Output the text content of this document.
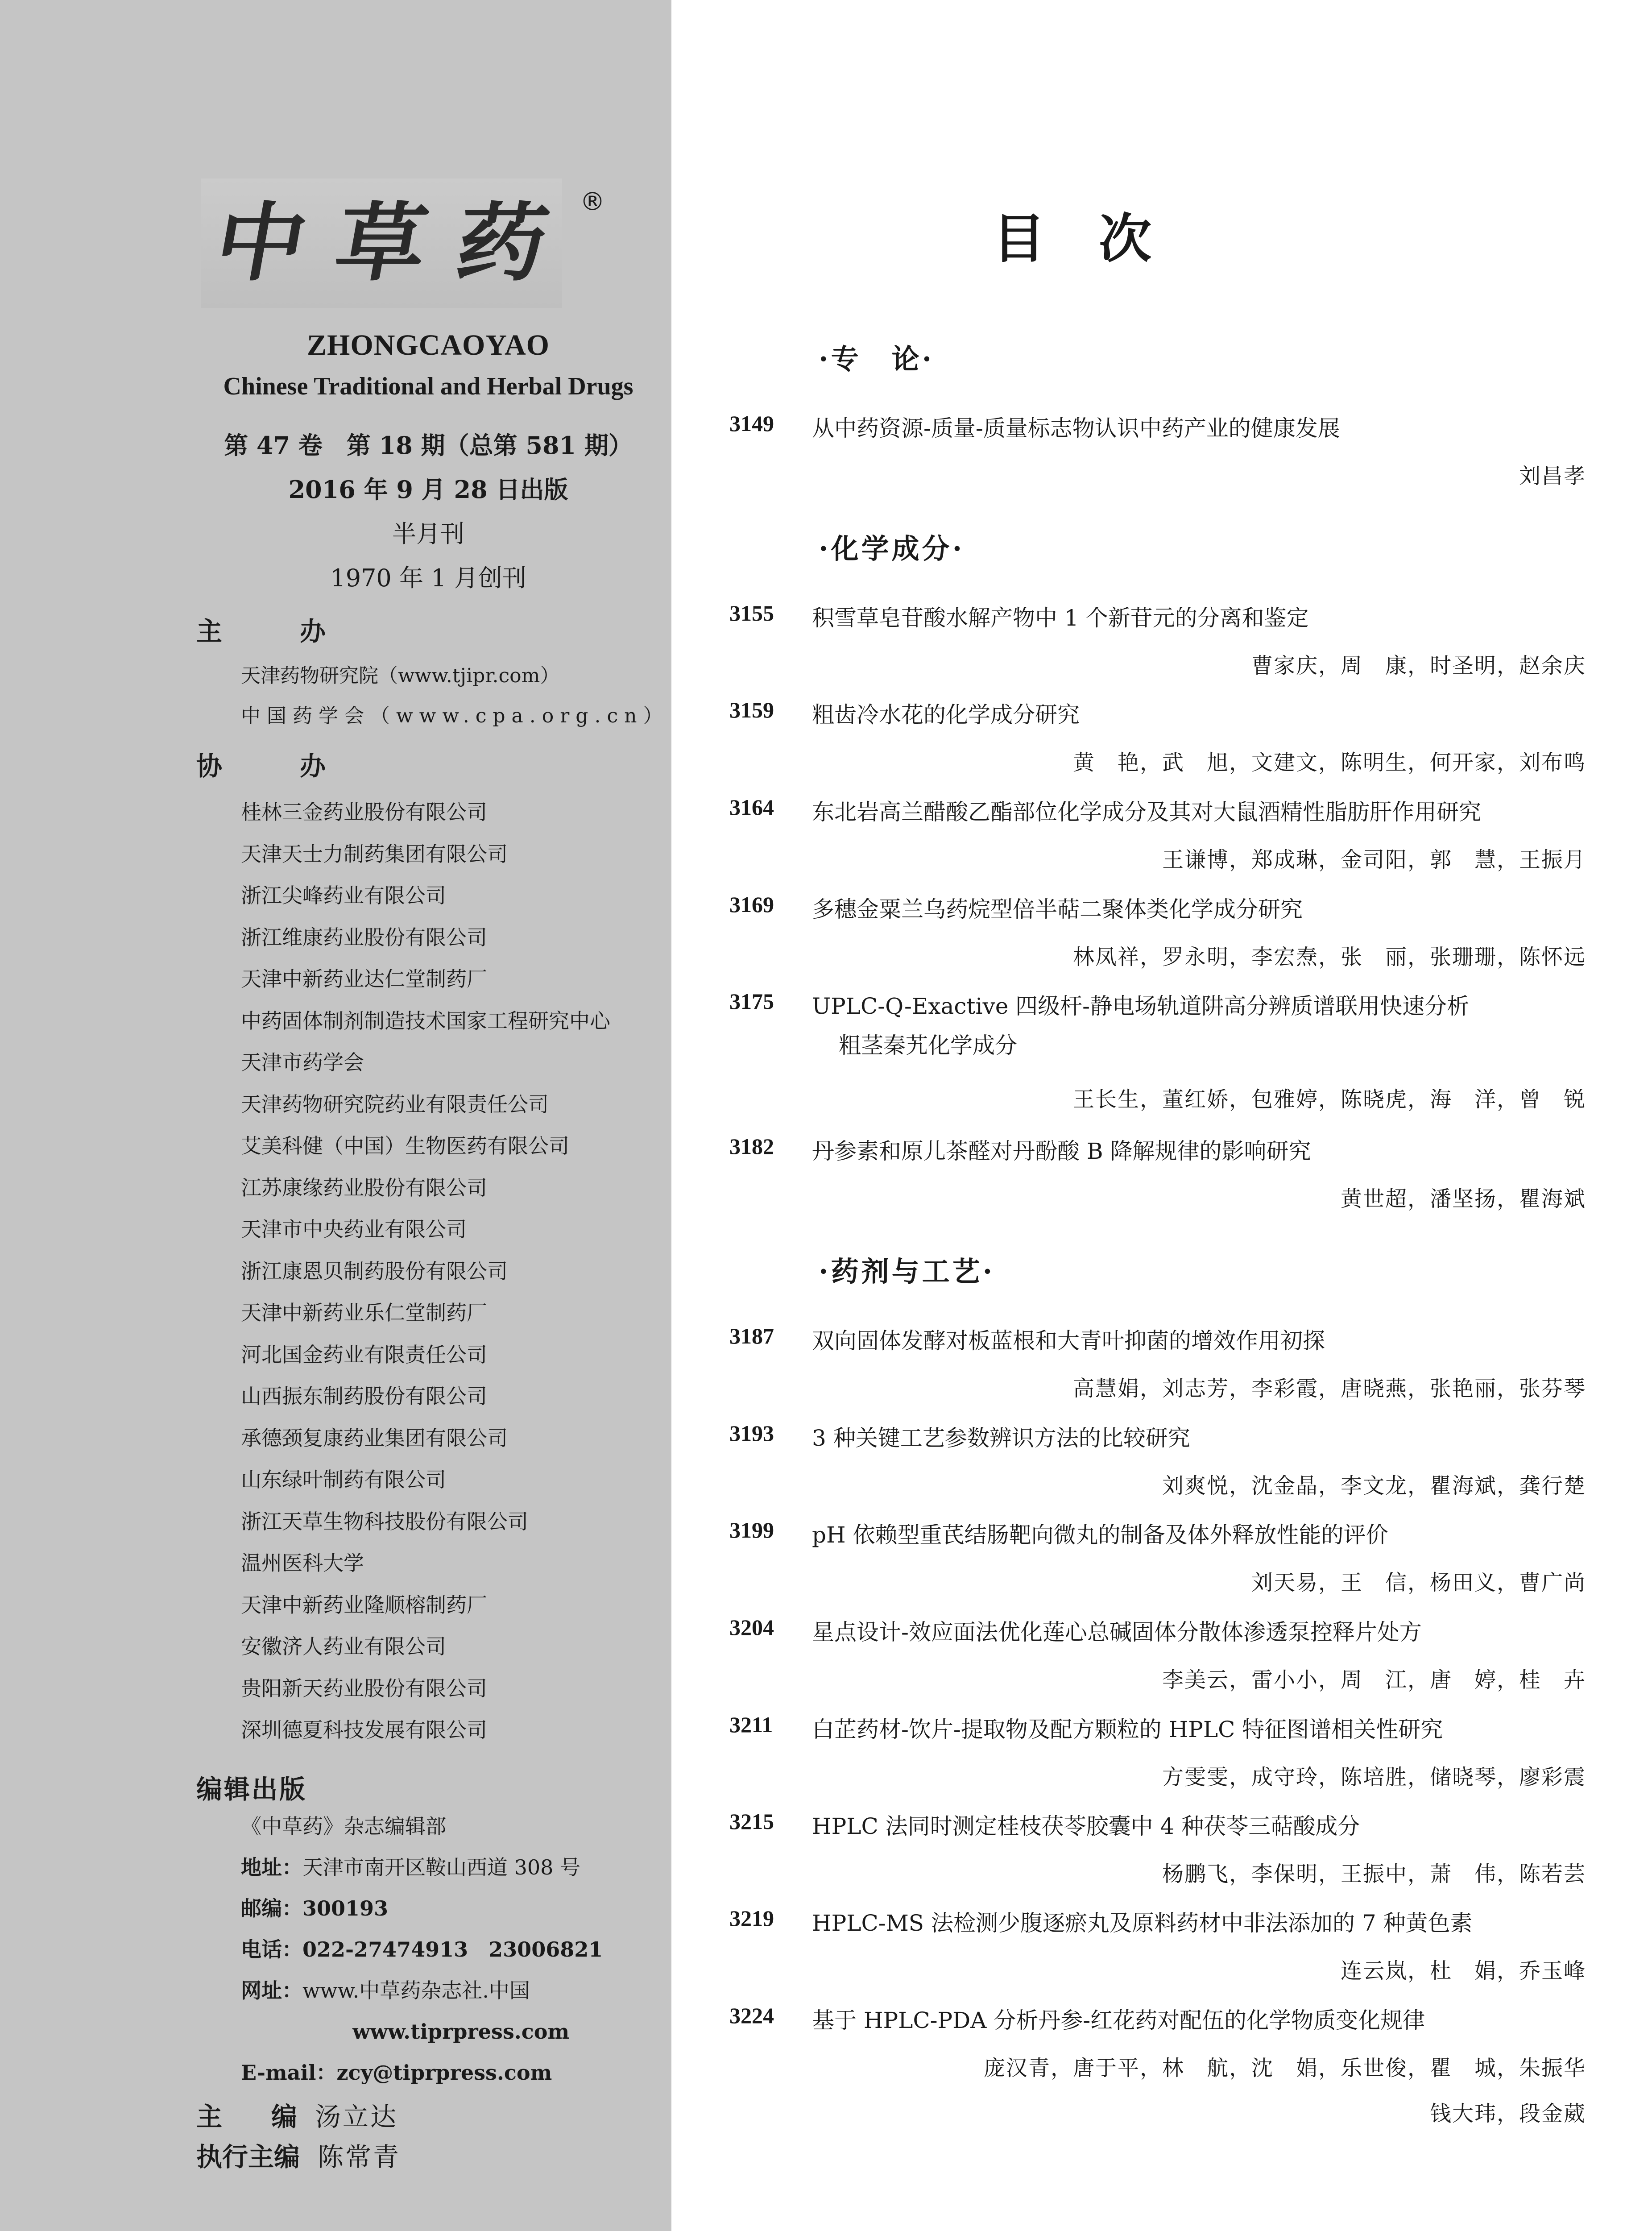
中 草 药 ®
ZHONGCAOYAO
Chinese Traditional and Herbal Drugs
第 47 卷　第 18 期（总第 581 期）
2016 年 9 月 28 日出版
半月刊
1970 年 1 月创刊
主	办
天津药物研究院（www.tjipr.com）
中国药学会（www.cpa.org.cn）
协	办
桂林三金药业股份有限公司
天津天士力制药集团有限公司
浙江尖峰药业有限公司
浙江维康药业股份有限公司
天津中新药业达仁堂制药厂
中药固体制剂制造技术国家工程研究中心
天津市药学会
天津药物研究院药业有限责任公司
艾美科健（中国）生物医药有限公司
江苏康缘药业股份有限公司
天津市中央药业有限公司
浙江康恩贝制药股份有限公司
天津中新药业乐仁堂制药厂
河北国金药业有限责任公司
山西振东制药股份有限公司
承德颈复康药业集团有限公司
山东绿叶制药有限公司
浙江天草生物科技股份有限公司
温州医科大学
天津中新药业隆顺榕制药厂
安徽济人药业有限公司
贵阳新天药业股份有限公司
深圳德夏科技发展有限公司
编辑出版
《中草药》杂志编辑部
地址：天津市南开区鞍山西道 308 号
邮编：300193
电话：022-27474913　23006821
网址：www.中草药杂志社.中国
www.tiprpress.com
E-mail：zcy@tiprpress.com
主 编 汤立达
执行主编 陈常青
目次
·专　论·
3149 从中药资源-质量-质量标志物认识中药产业的健康发展
刘昌孝
·化学成分·
3155 积雪草皂苷酸水解产物中 1 个新苷元的分离和鉴定
曹家庆，周　康，时圣明，赵余庆
3159 粗齿冷水花的化学成分研究
黄　艳，武　旭，文建文，陈明生，何开家，刘布鸣
3164 东北岩高兰醋酸乙酯部位化学成分及其对大鼠酒精性脂肪肝作用研究
王谦博，郑成琳，金司阳，郭　慧，王振月
3169 多穗金粟兰乌药烷型倍半萜二聚体类化学成分研究
林凤祥，罗永明，李宏焘，张　丽，张珊珊，陈怀远
3175 UPLC-Q-Exactive 四级杆-静电场轨道阱高分辨质谱联用快速分析
粗茎秦艽化学成分
王长生，董红娇，包雅婷，陈晓虎，海　洋，曾　锐
3182 丹参素和原儿茶醛对丹酚酸 B 降解规律的影响研究
黄世超，潘坚扬，瞿海斌
·药剂与工艺·
3187 双向固体发酵对板蓝根和大青叶抑菌的增效作用初探
高慧娟，刘志芳，李彩霞，唐晓燕，张艳丽，张芬琴
3193 3 种关键工艺参数辨识方法的比较研究
刘爽悦，沈金晶，李文龙，瞿海斌，龚行楚
3199 pH 依赖型重芪结肠靶向微丸的制备及体外释放性能的评价
刘天易，王　信，杨田义，曹广尚
3204 星点设计-效应面法优化莲心总碱固体分散体渗透泵控释片处方
李美云，雷小小，周　江，唐　婷，桂　卉
3211 白芷药材-饮片-提取物及配方颗粒的 HPLC 特征图谱相关性研究
方雯雯，成守玲，陈培胜，储晓琴，廖彩震
3215 HPLC 法同时测定桂枝茯苓胶囊中 4 种茯苓三萜酸成分
杨鹏飞，李保明，王振中，萧　伟，陈若芸
3219 HPLC-MS 法检测少腹逐瘀丸及原料药材中非法添加的 7 种黄色素
连云岚，杜　娟，乔玉峰
3224 基于 HPLC-PDA 分析丹参-红花药对配伍的化学物质变化规律
庞汉青，唐于平，林　航，沈　娟，乐世俊，瞿　城，朱振华
钱大玮，段金葳
